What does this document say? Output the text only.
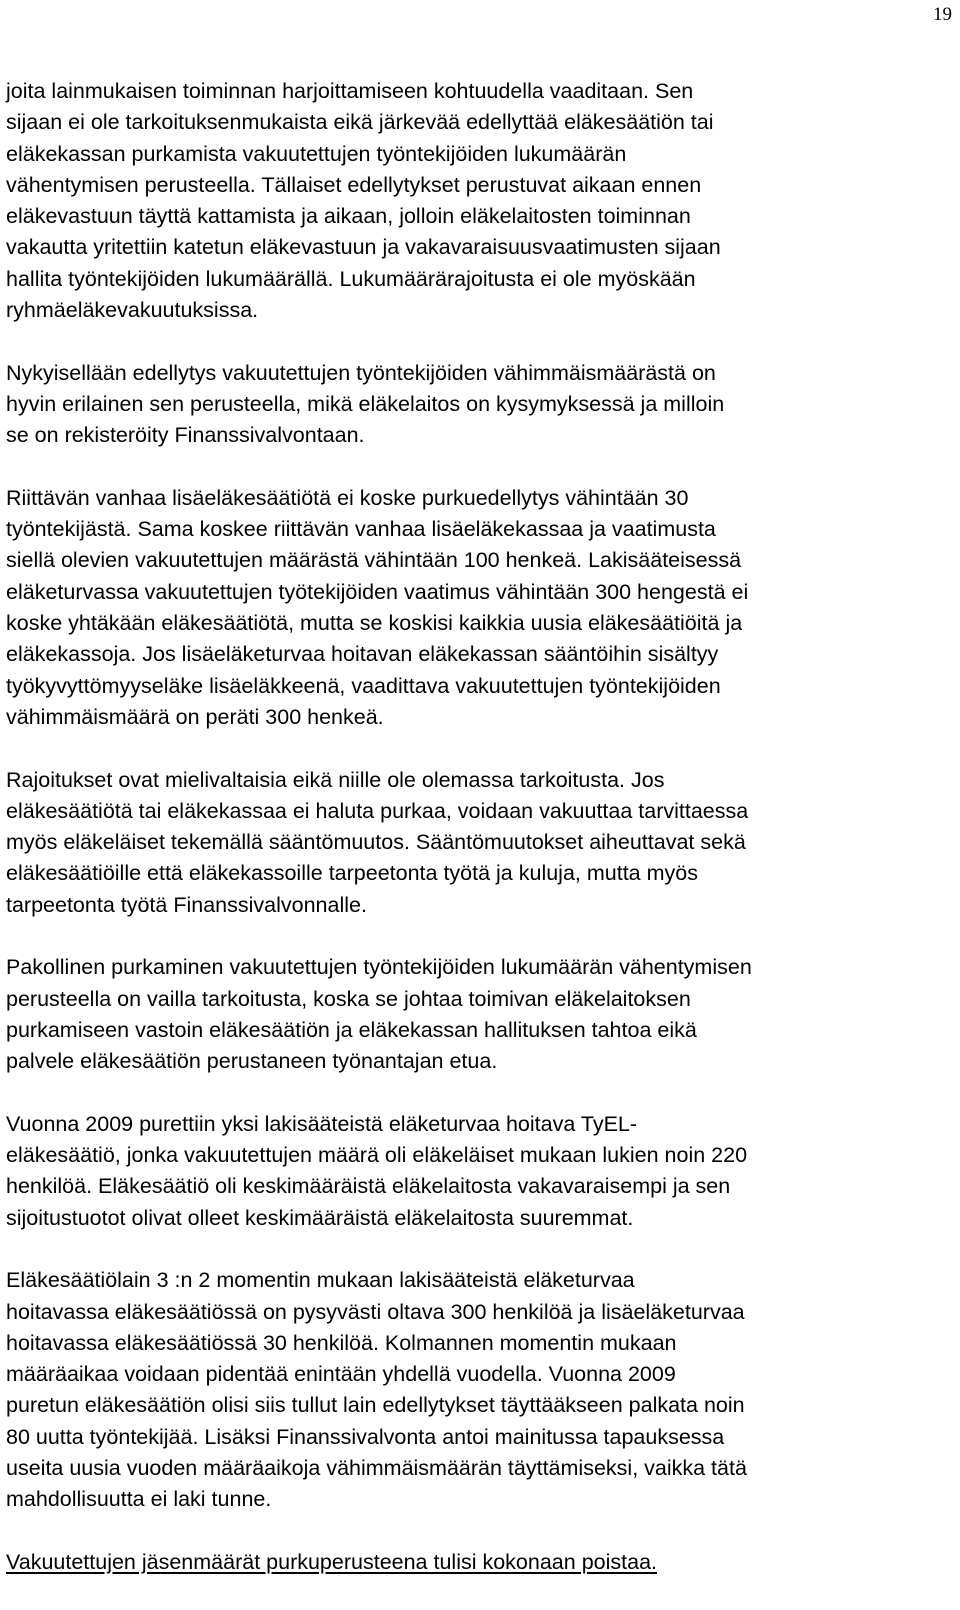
19
joita lainmukaisen toiminnan harjoittamiseen kohtuudella vaaditaan. Sen
sijaan ei ole tarkoituksenmukaista eikä järkevää edellyttää eläkesäätiön tai
eläkekassan purkamista vakuutettujen työntekijöiden lukumäärän
vähentymisen perusteella. Tällaiset edellytykset perustuvat aikaan ennen
eläkevastuun täyttä kattamista ja aikaan, jolloin eläkelaitosten toiminnan
vakautta yritettiin katetun eläkevastuun ja vakavaraisuusvaatimusten sijaan
hallita työntekijöiden lukumäärällä. Lukumäärärajoitusta ei ole myöskään
ryhmäeläkevakuutuksissa.
Nykyisellään edellytys vakuutettujen työntekijöiden vähimmäismäärästä on
hyvin erilainen sen perusteella, mikä eläkelaitos on kysymyksessä ja milloin
se on rekisteröity Finanssivalvontaan.
Riittävän vanhaa lisäeläkesäätiötä ei koske purkuedellytys vähintään 30
työntekijästä. Sama koskee riittävän vanhaa lisäeläkekassaa ja vaatimusta
siellä olevien vakuutettujen määrästä vähintään 100 henkeä. Lakisääteisessä
eläketurvassa vakuutettujen työtekijöiden vaatimus vähintään 300 hengestä ei
koske yhtäkään eläkesäätiötä, mutta se koskisi kaikkia uusia eläkesäätiöitä ja
eläkekassoja. Jos lisäeläketurvaa hoitavan eläkekassan sääntöihin sisältyy
työkyvyttömyyseläke lisäeläkkeenä, vaadittava vakuutettujen työntekijöiden
vähimmäismäärä on peräti 300 henkeä.
Rajoitukset ovat mielivaltaisia eikä niille ole olemassa tarkoitusta. Jos
eläkesäätiötä tai eläkekassaa ei haluta purkaa, voidaan vakuuttaa tarvittaessa
myös eläkeläiset tekemällä sääntömuutos. Sääntömuutokset aiheuttavat sekä
eläkesäätiöille että eläkekassoille tarpeetonta työtä ja kuluja, mutta myös
tarpeetonta työtä Finanssivalvonnalle.
Pakollinen purkaminen vakuutettujen työntekijöiden lukumäärän vähentymisen
perusteella on vailla tarkoitusta, koska se johtaa toimivan eläkelaitoksen
purkamiseen vastoin eläkesäätiön ja eläkekassan hallituksen tahtoa eikä
palvele eläkesäätiön perustaneen työnantajan etua.
Vuonna 2009 purettiin yksi lakisääteistä eläketurvaa hoitava TyEL-
eläkesäätiö, jonka vakuutettujen määrä oli eläkeläiset mukaan lukien noin 220
henkilöä. Eläkesäätiö oli keskimääräistä eläkelaitosta vakavaraisempi ja sen
sijoitustuotot olivat olleet keskimääräistä eläkelaitosta suuremmat.
Eläkesäätiölain 3 :n 2 momentin mukaan lakisääteistä eläketurvaa
hoitavassa eläkesäätiössä on pysyvästi oltava 300 henkilöä ja lisäeläketurvaa
hoitavassa eläkesäätiössä 30 henkilöä. Kolmannen momentin mukaan
määräaikaa voidaan pidentää enintään yhdellä vuodella. Vuonna 2009
puretun eläkesäätiön olisi siis tullut lain edellytykset täyttääkseen palkata noin
80 uutta työntekijää. Lisäksi Finanssivalvonta antoi mainitussa tapauksessa
useita uusia vuoden määräaikoja vähimmäismäärän täyttämiseksi, vaikka tätä
mahdollisuutta ei laki tunne.
Vakuutettujen jäsenmäärät purkuperusteena tulisi kokonaan poistaa.
